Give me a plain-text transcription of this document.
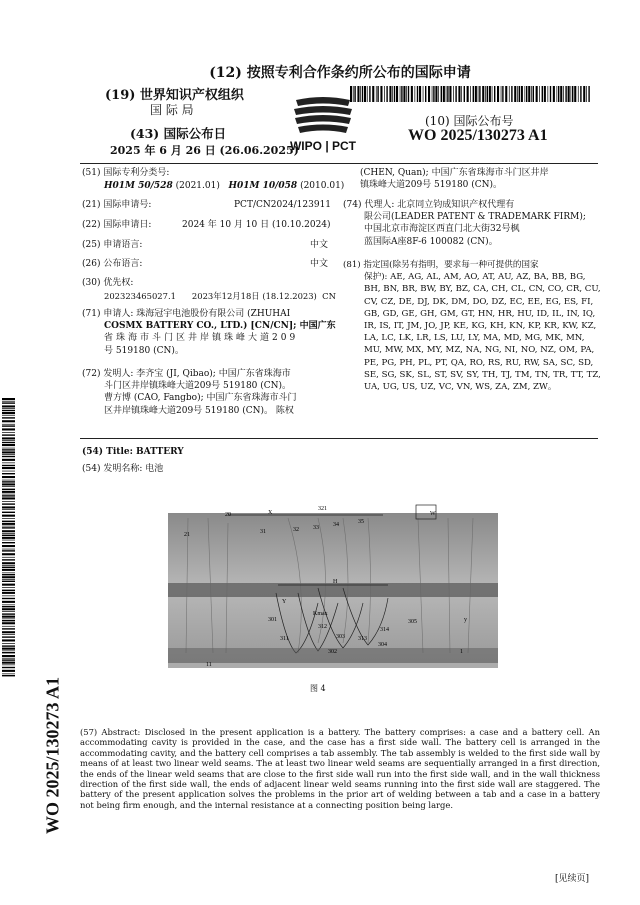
(12) 按照专利合作条约所公布的国际申请
(19) 世界知识产权组织
国 际 局
(43) 国际公布日
2025 年 6 月 26 日 (26.06.2025)
(10) 国际公布号
WO 2025/130273 A1
WIPO | PCT
(51) 国际专利分类号:
H01M 50/528 (2021.01) H01M 10/058 (2010.01)
(21) 国际申请号:	PCT/CN2024/123911
(22) 国际申请日:	2024 年 10 月 10 日 (10.10.2024)
(25) 申请语言:	中文
(26) 公布语言:	中文
(30) 优先权:
202323465027.1 2023年12月18日 (18.12.2023) CN
(71) 申请人: 珠海冠宇电池股份有限公司 (ZHUHAI
COSMX BATTERY CO., LTD.) [CN/CN]; 中国广东
省珠海市斗门区井岸镇珠峰大道209
号 519180 (CN)。
(72) 发明人: 李齐宝 (JI, Qibao); 中国广东省珠海市
斗门区井岸镇珠峰大道209号 519180 (CN)。
曹方博 (CAO, Fangbo); 中国广东省珠海市斗门
区井岸镇珠峰大道209号 519180 (CN)。 陈权
(CHEN, Quan); 中国广东省珠海市斗门区井岸
镇珠峰大道209号 519180 (CN)。
(74) 代理人: 北京同立钧成知识产权代理有
限公司(LEADER PATENT & TRADEMARK FIRM);
中国北京市海淀区西直门北大街32号枫
蓝国际A座8F-6 100082 (CN)。
(81) 指定国(除另有指明，要求每一种可提供的国家
保护): AE, AG, AL, AM, AO, AT, AU, AZ, BA, BB, BG,
BH, BN, BR, BW, BY, BZ, CA, CH, CL, CN, CO, CR, CU,
CV, CZ, DE, DJ, DK, DM, DO, DZ, EC, EE, EG, ES, FI,
GB, GD, GE, GH, GM, GT, HN, HR, HU, ID, IL, IN, IQ,
IR, IS, IT, JM, JO, JP, KE, KG, KH, KN, KP, KR, KW, KZ,
LA, LC, LK, LR, LS, LU, LY, MA, MD, MG, MK, MN,
MU, MW, MX, MY, MZ, NA, NG, NI, NO, NZ, OM, PA,
PE, PG, PH, PL, PT, QA, RO, RS, RU, RW, SA, SC, SD,
SE, SG, SK, SL, ST, SV, SY, TH, TJ, TM, TN, TR, TT, TZ,
UA, UG, US, UZ, VC, VN, WS, ZA, ZM, ZW。
(54) Title: BATTERY
(54) 发明名称: 电池
321
W
X
20
21
32 33 34	35
31
H
Y
Kmax
301
311
312
303 313
314
304
305
302
11
1
y
图 4
(57) Abstract: Disclosed in the present application is a battery. The battery comprises: a case and a battery cell. An accommodating cavity is provided in the case, and the case has a first side wall. The battery cell is arranged in the accommodating cavity, and the battery cell comprises a tab assembly. The tab assembly is welded to the first side wall by means of at least two linear weld seams. The at least two linear weld seams are sequentially arranged in a first direction, the ends of the linear weld seams that are close to the first side wall run into the first side wall, and in the wall thickness direction of the first side wall, the ends of adjacent linear weld seams running into the first side wall are staggered. The battery of the present application solves the problems in the prior art of welding between a tab and a case in a battery not being firm enough, and the internal resistance at a connecting position being large.
WO 2025/130273 A1
[见续页]
